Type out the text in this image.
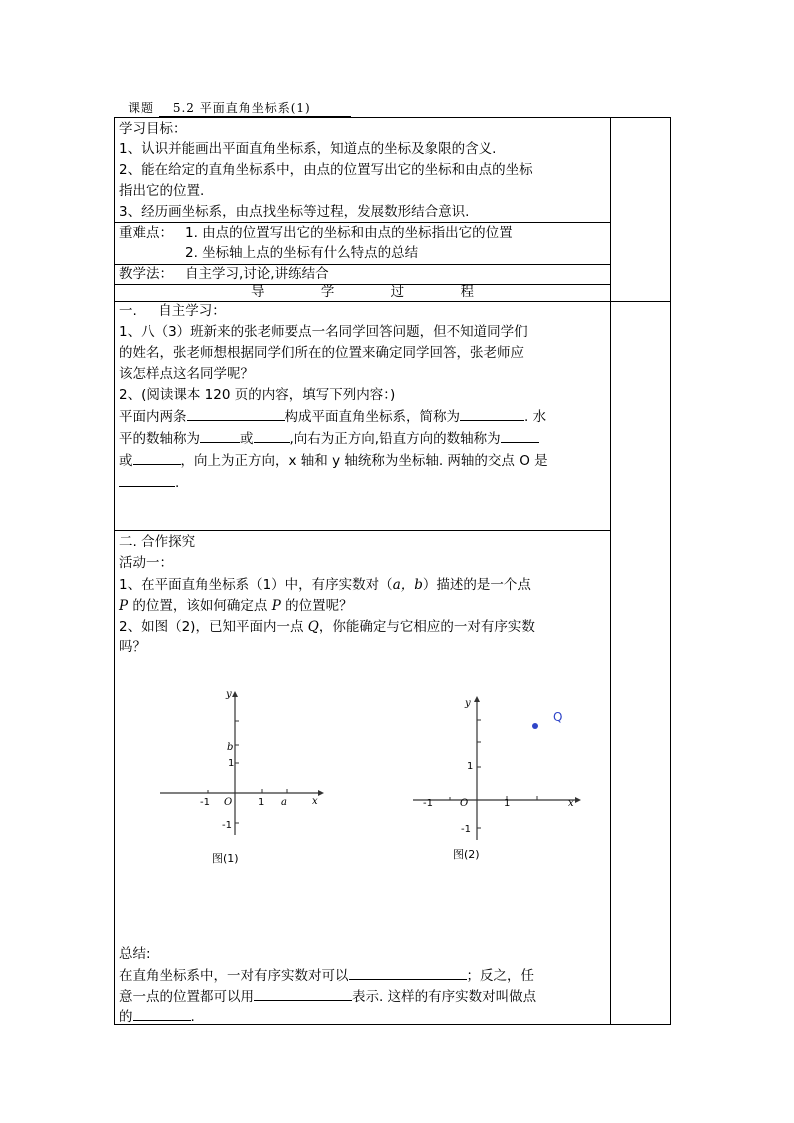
课题 5.2 平面直角坐标系(1)
学习目标：
1、认识并能画出平面直角坐标系，知道点的坐标及象限的含义.
2、能在给定的直角坐标系中，由点的位置写出它的坐标和由点的坐标
指出它的位置.
3、经历画坐标系，由点找坐标等过程，发展数形结合意识.
重难点： 1. 由点的位置写出它的坐标和由点的坐标指出它的位置
2. 坐标轴上点的坐标有什么特点的总结
教学法： 自主学习,讨论,讲练结合
导	学	过	程
一.     自主学习：
1、八（3）班新来的张老师要点一名同学回答问题，但不知道同学们
的姓名，张老师想根据同学们所在的位置来确定同学回答，张老师应
该怎样点这名同学呢？
2、(阅读课本 120 页的内容，填写下列内容：)
平面内两条	构成平面直角坐标系，简称为	. 水
平的数轴称为	或	,向右为正方向,铅直方向的数轴称为
或	，向上为正方向，x 轴和 y 轴统称为坐标轴. 两轴的交点 O 是
.
二. 合作探究
活动一：
1、在平面直角坐标系（1）中，有序实数对（a，b）描述的是一个点
P 的位置，该如何确定点 P 的位置呢？
2、如图（2)，已知平面内一点 Q，你能确定与它相应的一对有序实数
吗？
y
x
b
1
-1 O	1 a
-1
图(1)
y
x
1
-1	O	1
-1
Q
图(2)
总结:
在直角坐标系中，一对有序实数对可以	；反之，任
意一点的位置都可以用	表示. 这样的有序实数对叫做点
的	.
